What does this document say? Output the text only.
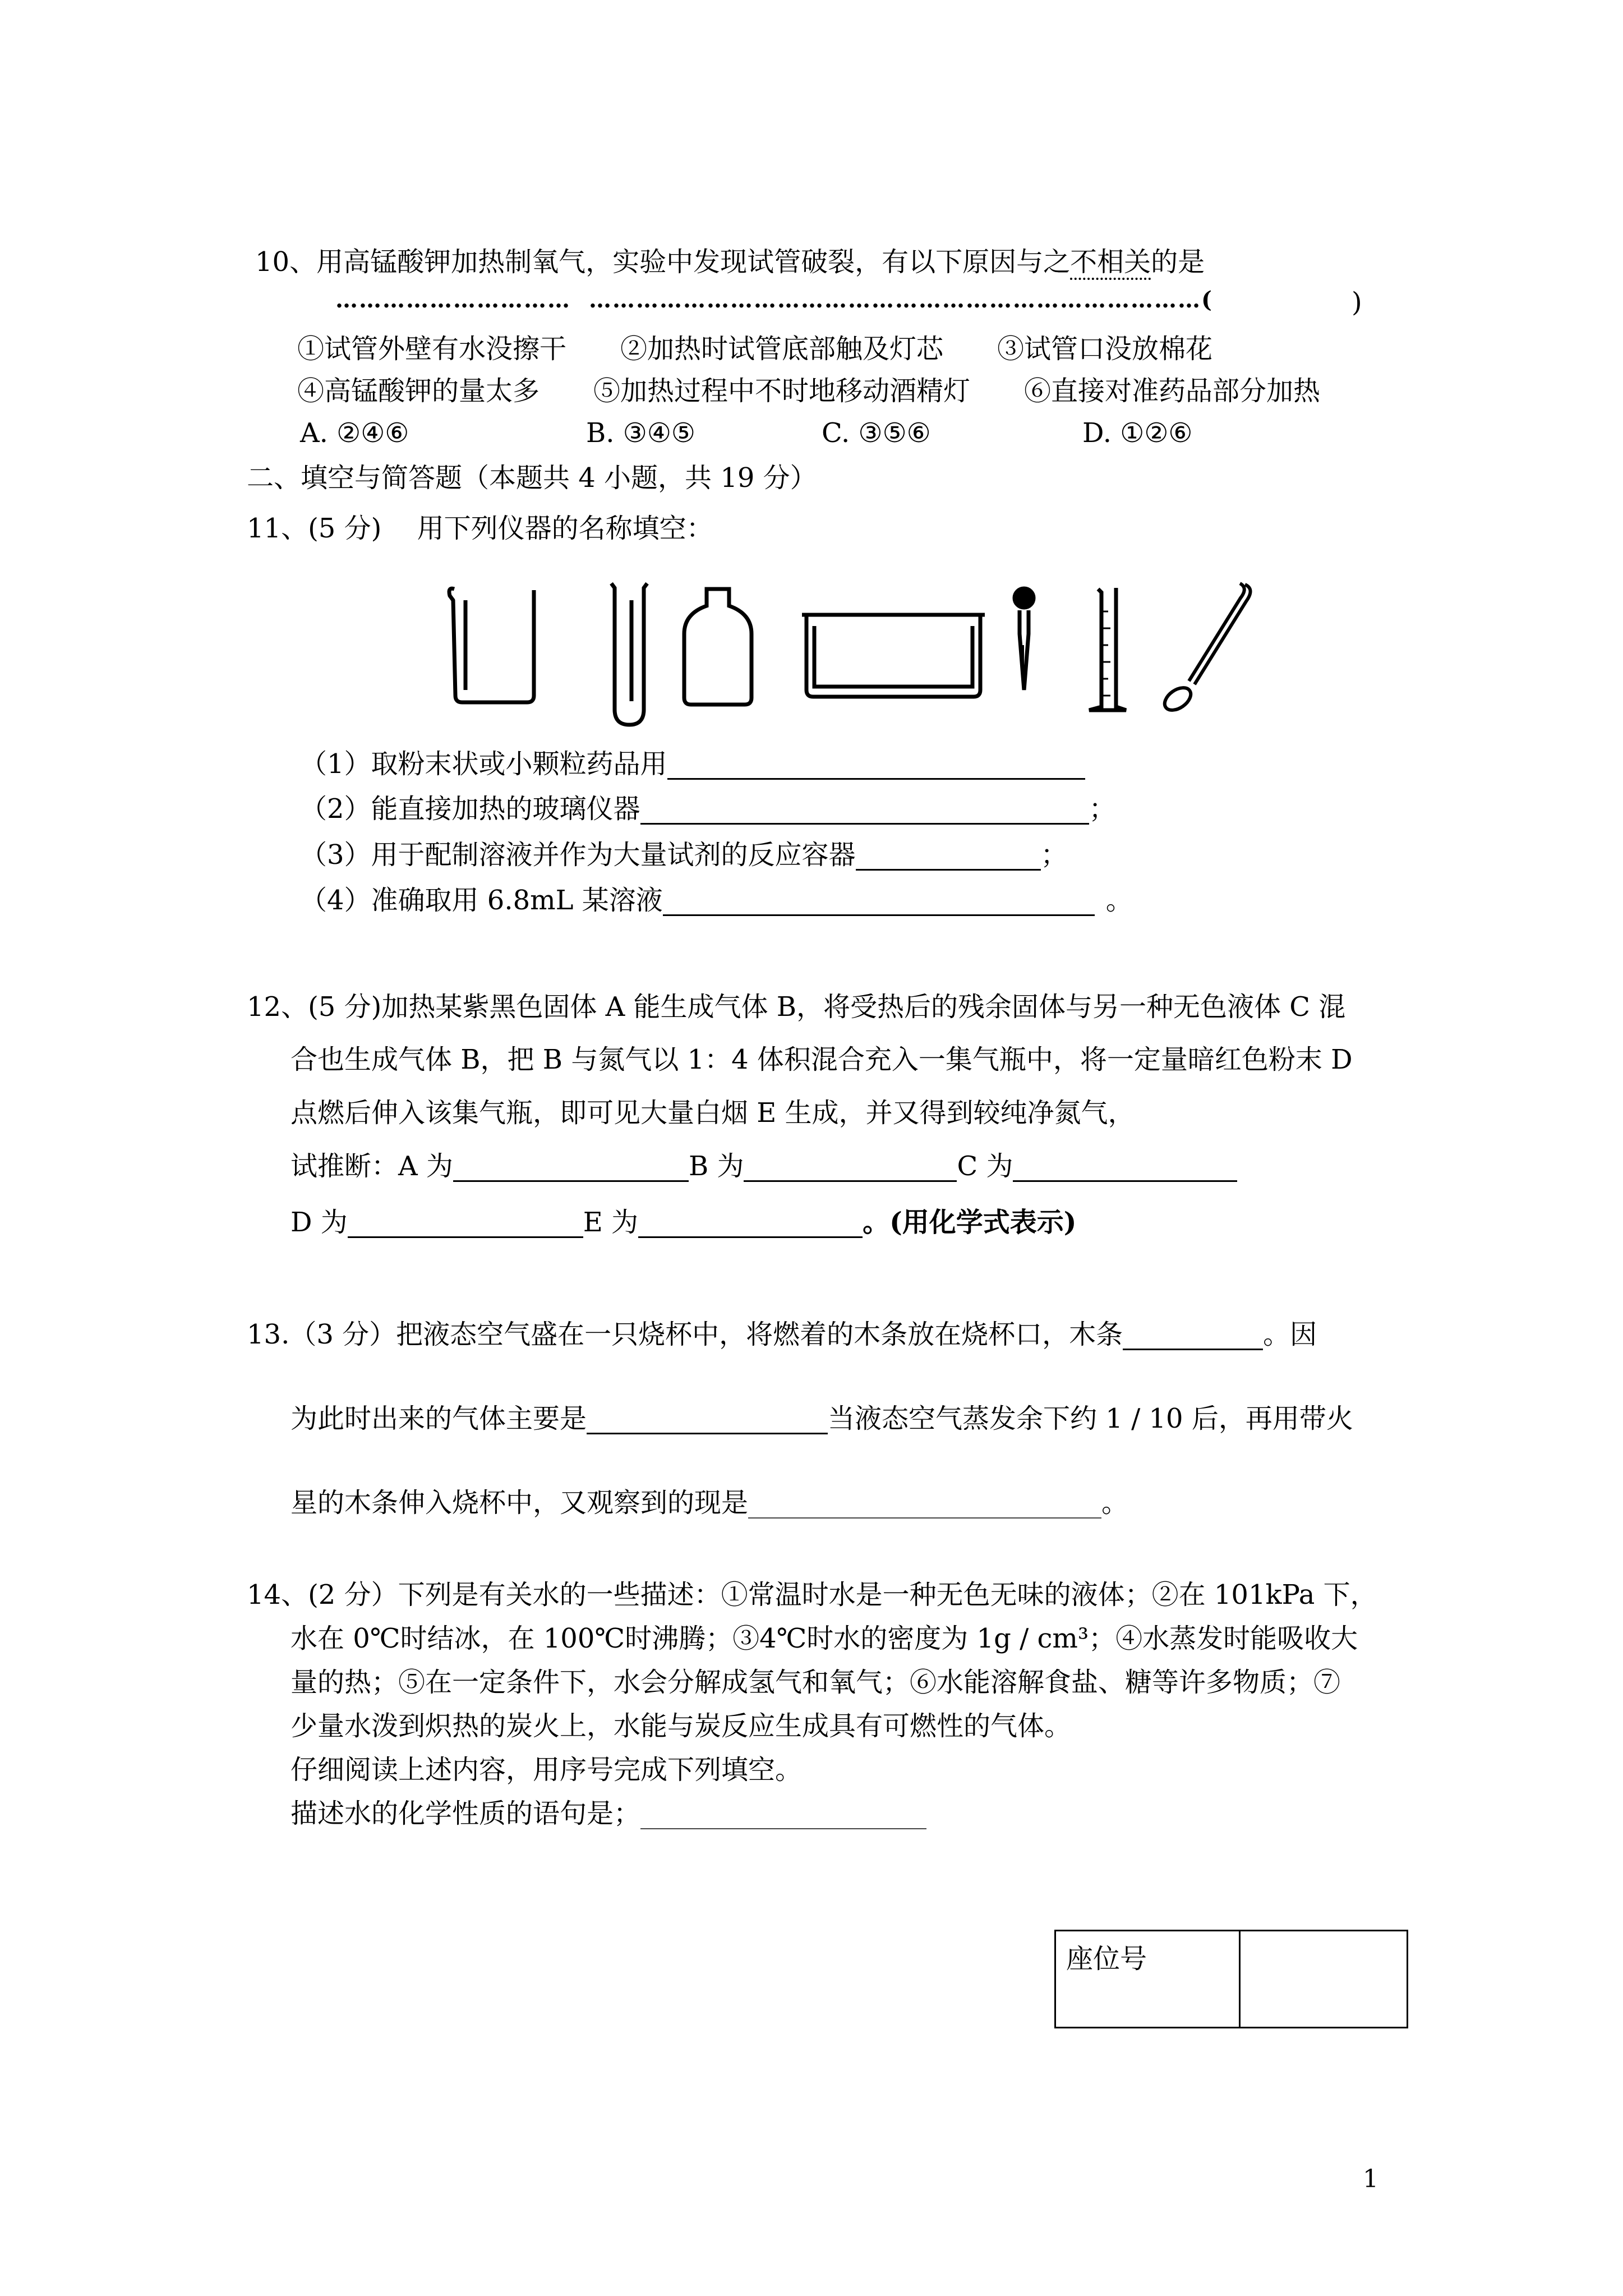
10、用高锰酸钾加热制氧气，实验中发现试管破裂，有以下原因与之不相关的是
………………………… ……………………………………………………………………(	)
①试管外壁有水没擦干　　②加热时试管底部触及灯芯　　③试管口没放棉花
④高锰酸钾的量太多　　⑤加热过程中不时地移动酒精灯　　⑥直接对准药品部分加热
A. ②④⑥	B. ③④⑤	C. ③⑤⑥	D. ①②⑥
二、填空与简答题（本题共 4 小题，共 19 分）
11、(5 分)　 用下列仪器的名称填空：
（1）取粉末状或小颗粒药品用
（2）能直接加热的玻璃仪器	；
（3）用于配制溶液并作为大量试剂的反应容器	；
（4）准确取用 6.8mL 某溶液	。
12、(5 分)加热某紫黑色固体 A 能生成气体 B，将受热后的残余固体与另一种无色液体 C 混
合也生成气体 B，把 B 与氮气以 1：4 体积混合充入一集气瓶中，将一定量暗红色粉末 D
点燃后伸入该集气瓶，即可见大量白烟 E 生成，并又得到较纯净氮气，
试推断：A 为	B 为	C 为
D 为	E 为	。(用化学式表示)
13.（3 分）把液态空气盛在一只烧杯中，将燃着的木条放在烧杯口，木条	。因
为此时出来的气体主要是	当液态空气蒸发余下约 1 / 10 后，再用带火
星的木条伸入烧杯中，又观察到的现是	。
14、(2 分）下列是有关水的一些描述：①常温时水是一种无色无味的液体；②在 101kPa 下，
水在 0℃时结冰，在 100℃时沸腾；③4℃时水的密度为 1g / cm³；④水蒸发时能吸收大
量的热；⑤在一定条件下，水会分解成氢气和氧气；⑥水能溶解食盐、糖等许多物质；⑦
少量水泼到炽热的炭火上，水能与炭反应生成具有可燃性的气体。
仔细阅读上述内容，用序号完成下列填空。
描述水的化学性质的语句是；
座位号	
1
